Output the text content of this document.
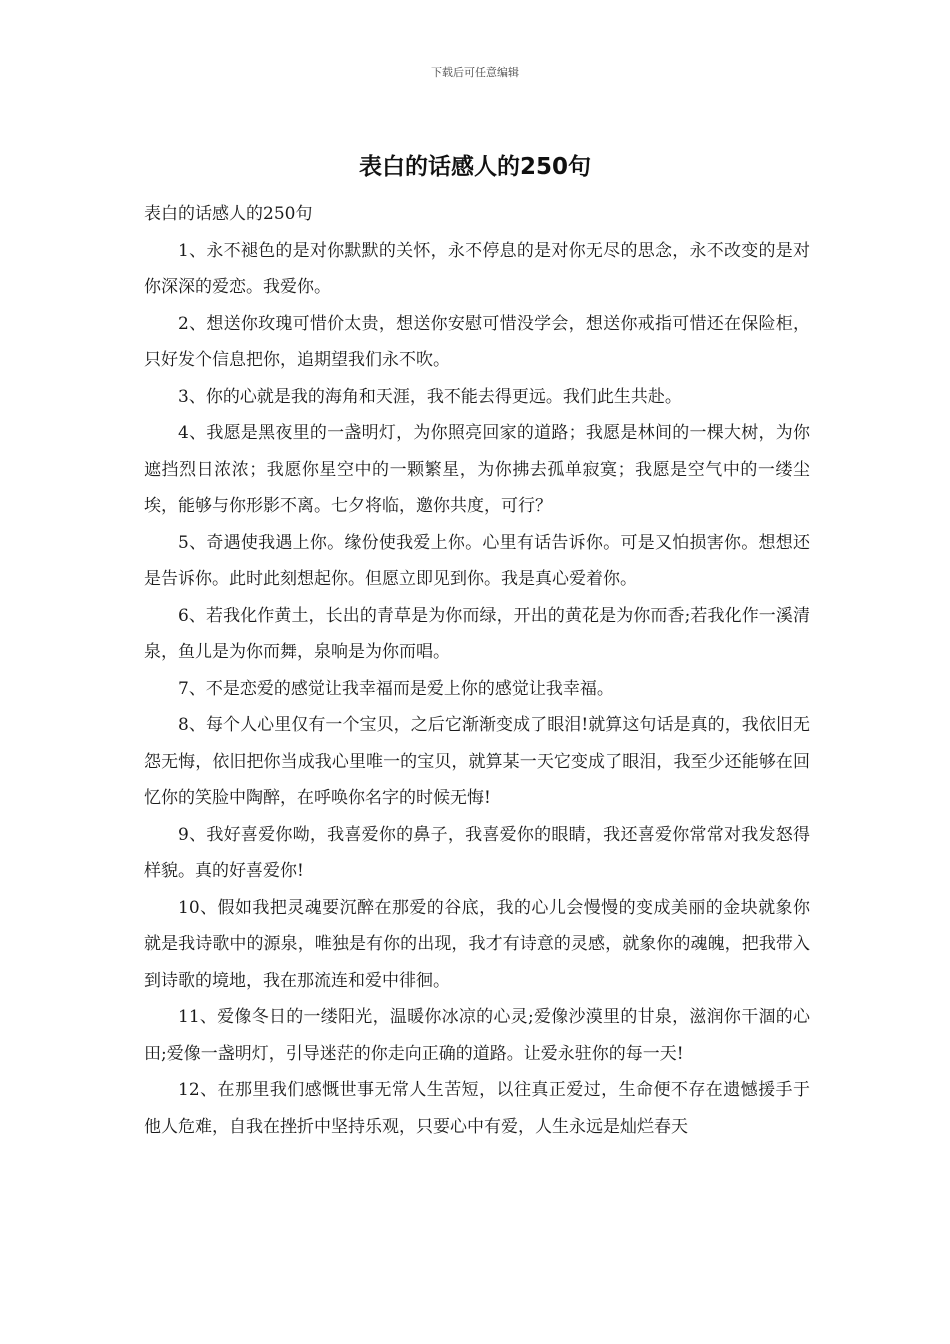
下载后可任意编辑
表白的话感人的250句

表白的话感人的250句

1、永不褪色的是对你默默的关怀，永不停息的是对你无尽的思念，永不改变的是对你深深的爱恋。我爱你。

2、想送你玫瑰可惜价太贵，想送你安慰可惜没学会，想送你戒指可惜还在保险柜，只好发个信息把你，追期望我们永不吹。

3、你的心就是我的海角和天涯，我不能去得更远。我们此生共赴。

4、我愿是黑夜里的一盏明灯，为你照亮回家的道路；我愿是林间的一棵大树，为你遮挡烈日浓浓；我愿你星空中的一颗繁星，为你拂去孤单寂寞；我愿是空气中的一缕尘埃，能够与你形影不离。七夕将临，邀你共度，可行？

5、奇遇使我遇上你。缘份使我爱上你。心里有话告诉你。可是又怕损害你。想想还是告诉你。此时此刻想起你。但愿立即见到你。我是真心爱着你。

6、若我化作黄土，长出的青草是为你而绿，开出的黄花是为你而香;若我化作一溪清泉，鱼儿是为你而舞，泉响是为你而唱。

7、不是恋爱的感觉让我幸福而是爱上你的感觉让我幸福。

8、每个人心里仅有一个宝贝，之后它渐渐变成了眼泪!就算这句话是真的，我依旧无怨无悔，依旧把你当成我心里唯一的宝贝，就算某一天它变成了眼泪，我至少还能够在回忆你的笑脸中陶醉，在呼唤你名字的时候无悔!

9、我好喜爱你呦，我喜爱你的鼻子，我喜爱你的眼睛，我还喜爱你常常对我发怒得样貌。真的好喜爱你!

10、假如我把灵魂要沉醉在那爱的谷底，我的心儿会慢慢的变成美丽的金块就象你就是我诗歌中的源泉，唯独是有你的出现，我才有诗意的灵感，就象你的魂魄，把我带入到诗歌的境地，我在那流连和爱中徘徊。

11、爱像冬日的一缕阳光，温暖你冰凉的心灵;爱像沙漠里的甘泉，滋润你干涸的心田;爱像一盏明灯，引导迷茫的你走向正确的道路。让爱永驻你的每一天!

12、在那里我们感慨世事无常人生苦短，以往真正爱过，生命便不存在遗憾援手于他人危难，自我在挫折中坚持乐观，只要心中有爱，人生永远是灿烂春天
